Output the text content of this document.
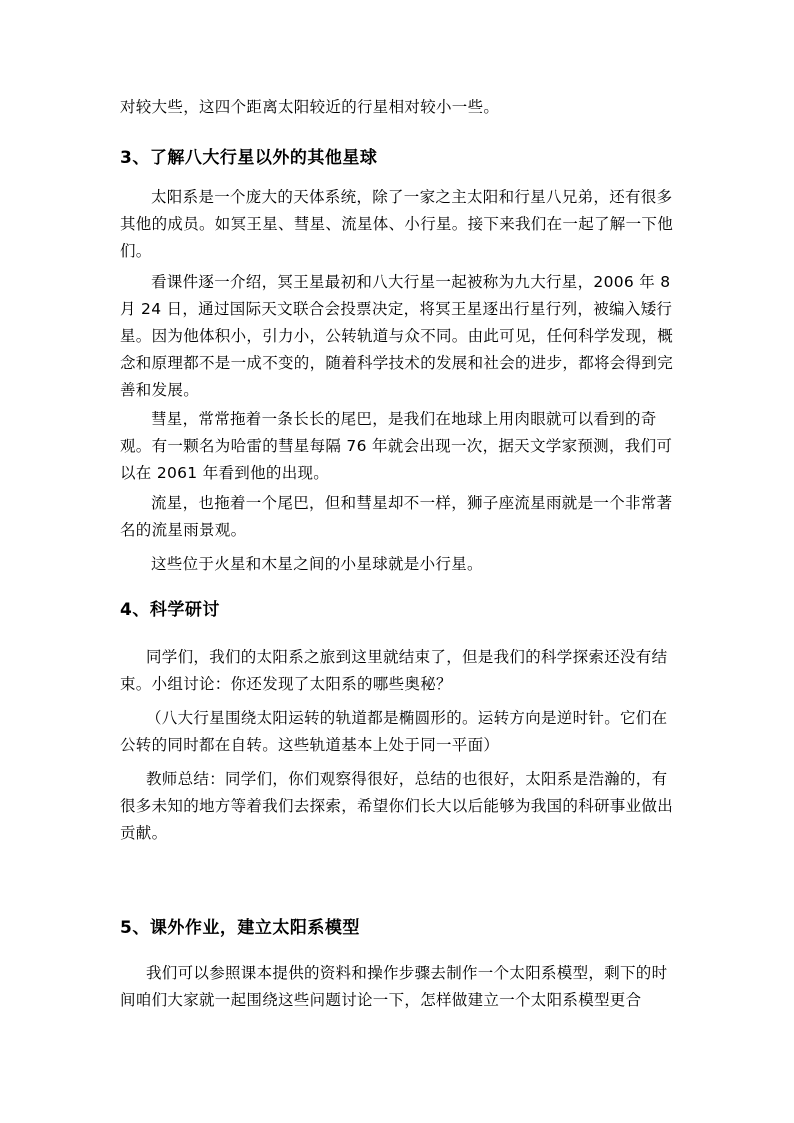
对较大些，这四个距离太阳较近的行星相对较小一些。

3、了解八大行星以外的其他星球

太阳系是一个庞大的天体系统，除了一家之主太阳和行星八兄弟，还有很多其他的成员。如冥王星、彗星、流星体、小行星。接下来我们在一起了解一下他们。

看课件逐一介绍，冥王星最初和八大行星一起被称为九大行星，2006 年 8 月 24 日，通过国际天文联合会投票决定，将冥王星逐出行星行列，被编入矮行星。因为他体积小，引力小，公转轨道与众不同。由此可见，任何科学发现，概念和原理都不是一成不变的，随着科学技术的发展和社会的进步，都将会得到完善和发展。

彗星，常常拖着一条长长的尾巴，是我们在地球上用肉眼就可以看到的奇观。有一颗名为哈雷的彗星每隔 76 年就会出现一次，据天文学家预测，我们可以在 2061 年看到他的出现。

流星，也拖着一个尾巴，但和彗星却不一样，狮子座流星雨就是一个非常著名的流星雨景观。

这些位于火星和木星之间的小星球就是小行星。

4、科学研讨

同学们，我们的太阳系之旅到这里就结束了，但是我们的科学探索还没有结束。小组讨论：你还发现了太阳系的哪些奥秘？

（八大行星围绕太阳运转的轨道都是椭圆形的。运转方向是逆时针。它们在公转的同时都在自转。这些轨道基本上处于同一平面）

教师总结：同学们，你们观察得很好，总结的也很好，太阳系是浩瀚的，有很多未知的地方等着我们去探索，希望你们长大以后能够为我国的科研事业做出贡献。

5、课外作业，建立太阳系模型

我们可以参照课本提供的资料和操作步骤去制作一个太阳系模型，剩下的时间咱们大家就一起围绕这些问题讨论一下，怎样做建立一个太阳系模型更合
